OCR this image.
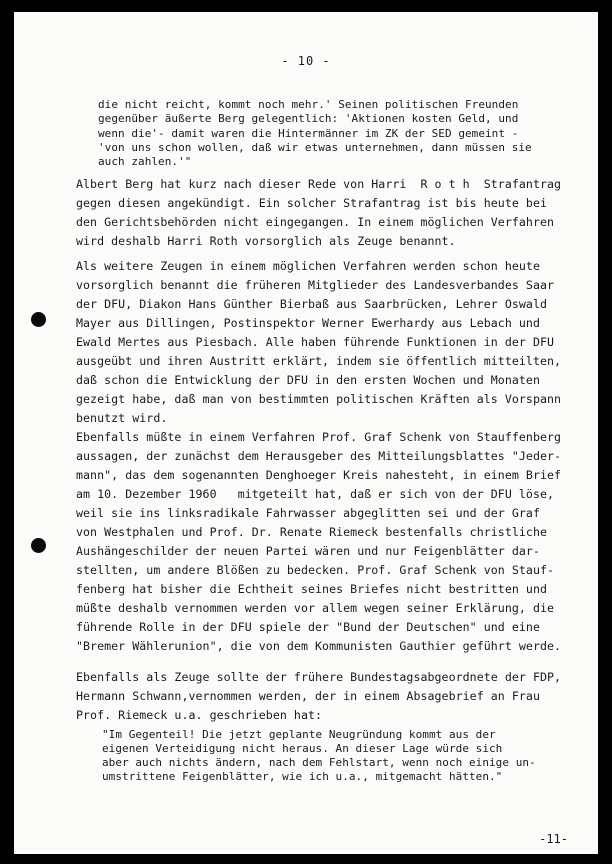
- 10 -
die nicht reicht, kommt noch mehr.' Seinen politischen Freunden
gegenüber äußerte Berg gelegentlich: 'Aktionen kosten Geld, und
wenn die'- damit waren die Hintermänner im ZK der SED gemeint -
'von uns schon wollen, daß wir etwas unternehmen, dann müssen sie
auch zahlen.'"
Albert Berg hat kurz nach dieser Rede von Harri  R o t h  Strafantrag
gegen diesen angekündigt. Ein solcher Strafantrag ist bis heute bei
den Gerichtsbehörden nicht eingegangen. In einem möglichen Verfahren
wird deshalb Harri Roth vorsorglich als Zeuge benannt.
Als weitere Zeugen in einem möglichen Verfahren werden schon heute
vorsorglich benannt die früheren Mitglieder des Landesverbandes Saar
der DFU, Diakon Hans Günther Bierbaß aus Saarbrücken, Lehrer Oswald
Mayer aus Dillingen, Postinspektor Werner Ewerhardy aus Lebach und
Ewald Mertes aus Piesbach. Alle haben führende Funktionen in der DFU
ausgeübt und ihren Austritt erklärt, indem sie öffentlich mitteilten,
daß schon die Entwicklung der DFU in den ersten Wochen und Monaten
gezeigt habe, daß man von bestimmten politischen Kräften als Vorspann
benutzt wird.
Ebenfalls müßte in einem Verfahren Prof. Graf Schenk von Stauffenberg
aussagen, der zunächst dem Herausgeber des Mitteilungsblattes "Jeder-
mann", das dem sogenannten Denghoeger Kreis nahesteht, in einem Brief
am 10. Dezember 1960   mitgeteilt hat, daß er sich von der DFU löse,
weil sie ins linksradikale Fahrwasser abgeglitten sei und der Graf
von Westphalen und Prof. Dr. Renate Riemeck bestenfalls christliche
Aushängeschilder der neuen Partei wären und nur Feigenblätter dar-
stellten, um andere Blößen zu bedecken. Prof. Graf Schenk von Stauf-
fenberg hat bisher die Echtheit seines Briefes nicht bestritten und
müßte deshalb vernommen werden vor allem wegen seiner Erklärung, die
führende Rolle in der DFU spiele der "Bund der Deutschen" und eine
"Bremer Wählerunion", die von dem Kommunisten Gauthier geführt werde.
Ebenfalls als Zeuge sollte der frühere Bundestagsabgeordnete der FDP,
Hermann Schwann,vernommen werden, der in einem Absagebrief an Frau
Prof. Riemeck u.a. geschrieben hat:
"Im Gegenteil! Die jetzt geplante Neugründung kommt aus der
eigenen Verteidigung nicht heraus. An dieser Lage würde sich
aber auch nichts ändern, nach dem Fehlstart, wenn noch einige un-
umstrittene Feigenblätter, wie ich u.a., mitgemacht hätten."
-11-
